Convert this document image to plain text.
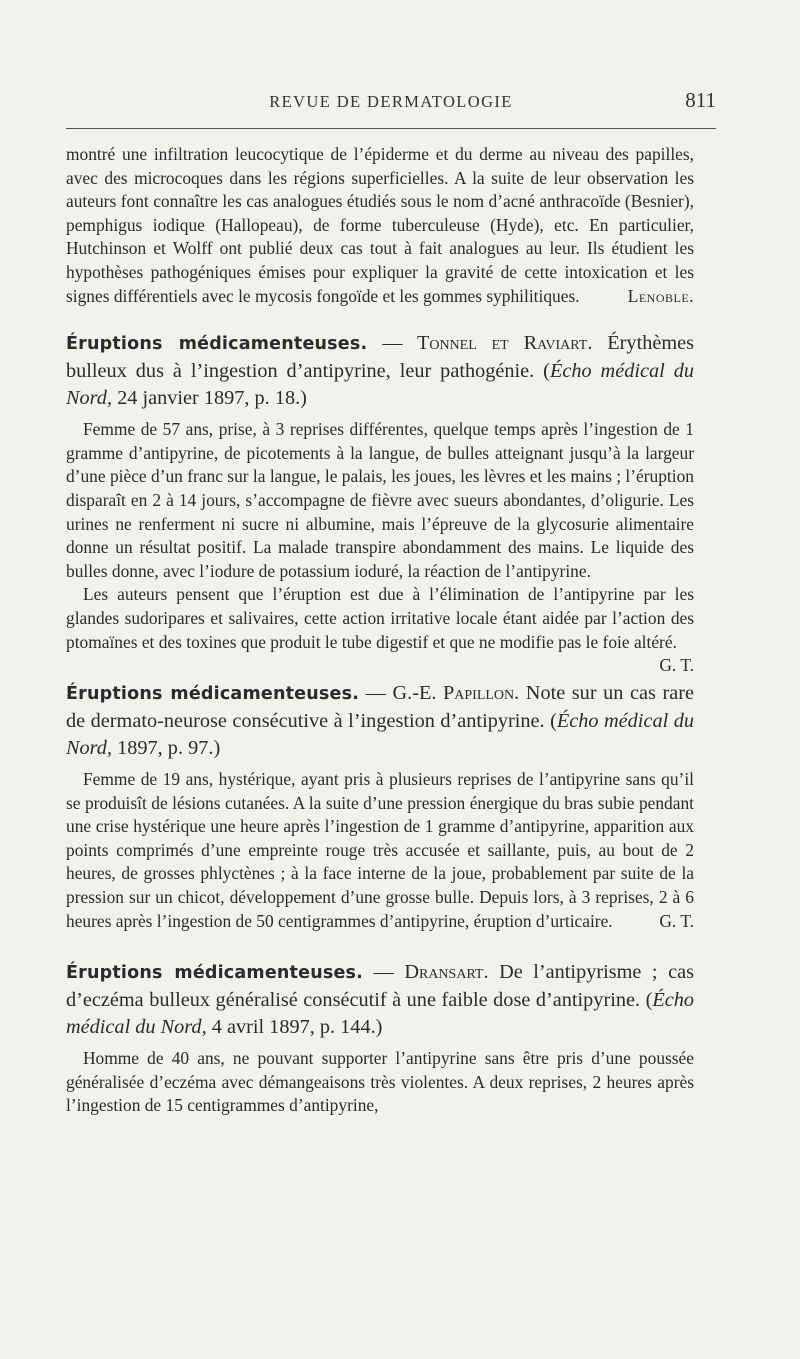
REVUE DE DERMATOLOGIE	811

montré une infiltration leucocytique de l’épiderme et du derme au niveau des papilles, avec des microcoques dans les régions superficielles. A la suite de leur observation les auteurs font connaître les cas analogues étudiés sous le nom d’acné anthracoïde (Besnier), pemphigus iodique (Hallopeau), de forme tuberculeuse (Hyde), etc. En particulier, Hutchinson et Wolff ont publié deux cas tout à fait analogues au leur. Ils étudient les hypothèses pathogéniques émises pour expliquer la gravité de cette intoxication et les signes différentiels avec le mycosis fongoïde et les gommes syphilitiques.	Lenoble.

Éruptions médicamenteuses. — Tonnel et Raviart. Érythèmes bulleux dus à l’ingestion d’antipyrine, leur pathogénie. (Écho médical du Nord, 24 janvier 1897, p. 18.)

Femme de 57 ans, prise, à 3 reprises différentes, quelque temps après l’ingestion de 1 gramme d’antipyrine, de picotements à la langue, de bulles atteignant jusqu’à la largeur d’une pièce d’un franc sur la langue, le palais, les joues, les lèvres et les mains ; l’éruption disparaît en 2 à 14 jours, s’accompagne de fièvre avec sueurs abondantes, d’oligurie. Les urines ne renferment ni sucre ni albumine, mais l’épreuve de la glycosurie alimentaire donne un résultat positif. La malade transpire abondamment des mains. Le liquide des bulles donne, avec l’iodure de potassium ioduré, la réaction de l’antipyrine.

Les auteurs pensent que l’éruption est due à l’élimination de l’antipyrine par les glandes sudoripares et salivaires, cette action irritative locale étant aidée par l’action des ptomaïnes et des toxines que produit le tube digestif et que ne modifie pas le foie altéré.
G. T.

Éruptions médicamenteuses. — G.-E. Papillon. Note sur un cas rare de dermato-neurose consécutive à l’ingestion d’antipyrine. (Écho médical du Nord, 1897, p. 97.)

Femme de 19 ans, hystérique, ayant pris à plusieurs reprises de l’antipyrine sans qu’il se produisît de lésions cutanées. A la suite d’une pression énergique du bras subie pendant une crise hystérique une heure après l’ingestion de 1 gramme d’antipyrine, apparition aux points comprimés d’une empreinte rouge très accusée et saillante, puis, au bout de 2 heures, de grosses phlyctènes ; à la face interne de la joue, probablement par suite de la pression sur un chicot, développement d’une grosse bulle. Depuis lors, à 3 reprises, 2 à 6 heures après l’ingestion de 50 centigrammes d’antipyrine, éruption d’urticaire.	G. T.

Éruptions médicamenteuses. — Dransart. De l’antipyrisme ; cas d’eczéma bulleux généralisé consécutif à une faible dose d’antipyrine. (Écho médical du Nord, 4 avril 1897, p. 144.)

Homme de 40 ans, ne pouvant supporter l’antipyrine sans être pris d’une poussée généralisée d’eczéma avec démangeaisons très violentes. A deux reprises, 2 heures après l’ingestion de 15 centigrammes d’antipyrine,
